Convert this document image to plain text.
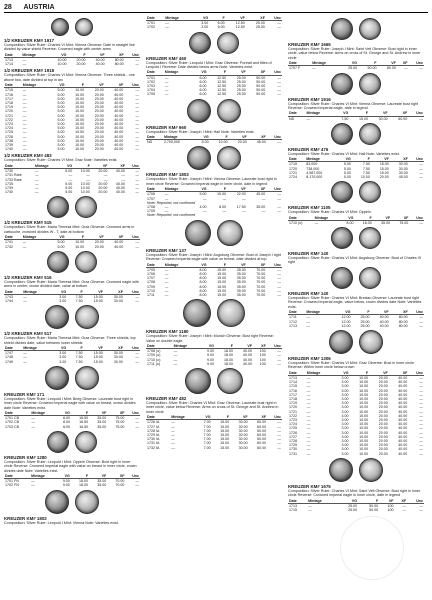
28 AUSTRIA
1/2 KREUZER KM# 1917
Composition: Silver Ruler: Charles VI Mint: Vienna Obverse: Date in straight line divided by value shield Reverse: Crowned eagle with center arms
Date	Mintage	VG	F	VF	XF	Unc
1713	—	10.00	20.00	40.00	80.00	—
1714	—	10.00	20.00	40.00	80.00	—
1/2 KREUZER KM# 1918
Composition: Silver Ruler: Charles VI Mint: Vienna Obverse: Three shields - one above two, date divided at top in arc
Date	Mintage	VG	F	VF	XF	Unc
1715	—	5.00	10.00	20.00	40.00	—
1716	—	5.00	10.00	20.00	40.00	—
1717	—	5.00	10.00	20.00	40.00	—
1718	—	5.00	10.00	20.00	40.00	—
1719	—	5.00	10.00	20.00	40.00	—
1720	—	5.00	10.00	20.00	40.00	—
1721	—	5.00	10.00	20.00	40.00	—
1722	—	5.00	10.00	20.00	40.00	—
1723	—	5.00	10.00	20.00	40.00	—
1724	—	5.00	10.00	20.00	40.00	—
1725	—	5.00	10.00	20.00	40.00	—
1726	—	5.00	10.00	20.00	40.00	—
1738	—	5.00	10.00	20.00	40.00	—
1739	—	5.00	10.00	20.00	40.00	—
1740	—	5.00	10.00	20.00	40.00	—
1/2 KREUZER KM# 483
Composition: Silver Ruler: Charles VI Mint: Graz Note: Varieties exist.
Date	Mintage	VG	F	VF	XF	Unc
1730	—	5.00	10.00	20.00	40.00	—
1731 Rare	—	—	—	—	—	—
1733 Rare	—	—	—	—	—	—
1735	—	5.00	10.00	20.00	40.00	—
1739	—	5.00	10.00	20.00	40.00	—
1740	—	5.00	10.00	20.00	40.00	—
1/2 KREUZER KM# 515
Composition: Silver Ruler: Maria Theresa Mint: Graz Obverse: Crowned arms in cartouche, crowned divides W - T, date at bottom
Date	Mintage	VG	F	VF	XF	Unc
1741	—	5.00	10.00	20.00	40.00	—
1742	—	5.00	10.00	20.00	40.00	—
1/2 KREUZER KM# 516
Composition: Silver Ruler: Maria Theresa Mint: Graz Obverse: Crowned eagle with arms in center, crown divided date, value at bottom
Date	Mintage	VG	F	VF	XF	Unc
1743	—	3.00	7.50	15.00	30.00	—
1744	—	3.00	7.50	15.00	30.00	—
1/2 KREUZER KM# 517
Composition: Silver Ruler: Maria Theresa Mint: Graz Obverse: Three shields, top shield divides date, value between lower shields
Date	Mintage	VG	F	VF	XF	Unc
1747	—	3.00	7.50	15.00	30.00	—
1748	—	3.00	7.50	15.00	30.00	—
1749	—	3.00	7.50	15.00	30.00	—
KREUZER KM# 171
Composition: Silver Ruler: Leopold I Mint: Brieg Obverse: Laureate bust right in inner circle Reverse: Crowned imperial eagle with value on breast, crown divides date Note: Varieties exist.
Date	Mintage	VG	F	VF	XF	Unc
1701 CB	—	8.00	16.50	35.00	75.00	—
1702 CB	—	8.00	16.50	35.00	75.00	—
1703 CB	—	8.00	16.50	35.00	75.00	—
KREUZER KM# 1280
Composition: Silver Ruler: Leopold I Mint: Oppeln Obverse: Bust right in inner circle Reverse: Crowned imperial eagle with value on breast in inner circle, crown divides date Note: Varieties exist.
Date	Mintage	VG	F	VF	XF	Unc
1701 FN	—	9.00	18.00	35.00	70.00	—
1702 FN	—	9.00	18.00	35.00	70.00	—
KREUZER KM# 1802
Composition: Silver Ruler: Leopold I Mint: Vienna Note: Varieties exist.
Date	Mintage	VG	F	VF	XF	Unc
1701	—	3.00	6.00	12.50	25.00	—
1702	—	3.00	6.00	12.50	25.00	—
KREUZER KM# 460
Composition: Silver Ruler: Leopold I Mint: Graz Obverse: Portrait and titles of Leopold I Reverse: Date divided below arms Note: Varieties exist.
Date	Mintage	VG	F	VF	XF	Unc
1701	—	6.00	12.50	25.00	50.00	—
1702	—	6.00	12.50	25.00	50.00	—
1703	—	6.00	12.50	25.00	50.00	—
1704	—	6.00	12.50	25.00	50.00	—
1705	—	6.00	12.50	25.00	50.00	—
KREUZER KM# 660
Composition: Silver Ruler: Joseph I Mint: Hall Note: Varieties exist.
Date	Mintage	VG	F	VF	XF	Unc
ND	2,700,000	5.00	10.00	20.00	45.00	—
KREUZER KM# 1803
Composition: Silver Ruler: Joseph I Mint: Vienna Obverse: Laureate bust right in inner circle Reverse: Crowned imperial eagle in inner circle, date in legend
Date	Mintage	VG	F	VF	XF	Unc
1706	—	5.00	10.00	22.00	45.00	—
1707	—	—	—	—	—	—
Note: Reported, not confirmed						
1708	—	4.00	8.00	17.50	35.00	—
1709	—	—	—	—	—	—
Note: Reported, not confirmed						
KREUZER KM# 137
Composition: Silver Ruler: Joseph I Mint: Augsburg Obverse: Bust of Joseph I right Reverse: Crowned imperial eagle with value on breast, date divided at top
Date	Mintage	VG	F	VF	XF	Unc
1705	—	8.00	15.00	35.00	70.00	—
1706	—	8.00	15.00	35.00	70.00	—
1707	—	8.00	15.00	35.00	70.00	—
1708	—	8.00	15.00	35.00	70.00	—
1709	—	8.00	15.00	35.00	70.00	—
1710	—	8.00	15.00	35.00	70.00	—
1711	—	8.00	15.00	35.00	70.00	—
KREUZER KM# 1180
Composition: Silver Ruler: Joseph I Mint: Munich Obverse: Bust right Reverse: Value on double eagle
Date	Mintage	VG	F	VF	XF	Unc
1708 (o)	—	9.00	18.00	40.00	100	—
1709 (o)	—	9.00	18.00	40.00	100	—
1710 (o)	—	9.00	18.00	40.00	100	—
1711 (o)	—	9.00	18.00	40.00	100	—
KREUZER KM# 482
Composition: Silver Ruler: Charles VI Mint: Graz Obverse: Laureate bust right in inner circle, value below Reverse: Arms on cross of St. George and St. Andrew in inner circle
Date	Mintage	VG	F	VF	XF	Unc
1726 IA	—	7.00	15.00	30.00	60.00	—
1727 IA	—	7.00	15.00	30.00	60.00	—
1728 IA	—	7.00	15.00	30.00	60.00	—
1729 IA	—	7.00	15.00	30.00	60.00	—
1730 IA	—	7.00	15.00	30.00	60.00	—
1731 IA	—	7.00	15.00	30.00	60.00	—
1732 IA	—	7.00	15.00	30.00	60.00	—
KREUZER KM# 1665
Composition: Silver Ruler: Joseph I Mint: Saint Veit Obverse: Bust right in inner circle, value below Reverse: Arms on cross of St. George and St. Andrew in inner circle
Date	Mintage	VG	F	VF	XF	Unc
1707 F	—	25.00	50.00	80.00	—	—
KREUZER KM# 1916
Composition: Silver Ruler: Charles VI Mint: Vienna Obverse: Laureate bust right Reverse: Crowned imperial eagle, date in legend
Date	Mintage	VG	F	VF	XF	Unc
ND	—	7.50	15.00	30.00	60.00	—
KREUZER KM# 476
Composition: Silver Ruler: Charles VI Mint: Hall Note: Varieties exist.
Date	Mintage	VG	F	VF	XF	Unc
1719	83,000	5.00	7.50	15.00	30.00	—
1720	738,000	5.00	7.50	15.00	30.00	—
1721	4,987,000	5.00	7.50	15.00	30.00	—
1724	8,170,000	5.00	10.00	20.00	45.00	—
KREUZER KM# 1105
Composition: Silver Ruler: Charles VI Mint: Oppeln
Date	Mintage	VG	F	VF	XF	Unc
1710 (o)	—	8.00	16.00	35.00	75.00	—
KREUZER KM# 140
Composition: Silver Ruler: Charles VI Mint: Augsburg Obverse: Bust of Charles VI right
KREUZER KM# 140
Composition: Silver Ruler: Charles VI Mint: Breslau Obverse: Laureate bust right Reverse: Crowned imperial eagle, value below, crown divides date Note: Varieties exist.
Date	Mintage	VG	F	VF	XF	Unc
1711	—	12.00	25.00	40.00	80.00	—
1712	—	12.00	25.00	40.00	80.00	—
1713	—	12.00	25.00	40.00	80.00	—
KREUZER KM# 1306
Composition: Silver Ruler: Charles VI Mint: Graz Obverse: Bust in inner circle Reverse: Within inner circle below crown
Date	Mintage	VG	F	VF	XF	Unc
1713	—	3.00	10.00	20.00	40.00	—
1714	—	3.00	10.00	20.00	40.00	—
1715	—	3.00	10.00	20.00	40.00	—
1716	—	3.00	10.00	20.00	40.00	—
1717	—	3.00	10.00	20.00	40.00	—
1718	—	3.00	10.00	20.00	40.00	—
1719	—	3.00	10.00	20.00	40.00	—
1720	—	3.00	10.00	20.00	40.00	—
1721	—	3.00	10.00	20.00	40.00	—
1722	—	3.00	10.00	20.00	40.00	—
1723	—	3.00	10.00	20.00	40.00	—
1724	—	3.00	10.00	20.00	40.00	—
1725	—	3.00	10.00	20.00	40.00	—
1726	—	3.00	10.00	20.00	40.00	—
1727	—	3.00	10.00	20.00	40.00	—
1728	—	3.00	10.00	20.00	40.00	—
1729	—	3.00	10.00	20.00	40.00	—
1730	—	3.00	10.00	20.00	40.00	—
1731	—	3.00	10.00	20.00	40.00	—
KREUZER KM# 1675
Composition: Silver Ruler: Charles VI Mint: Saint Veit Obverse: Bust right in inner circle Reverse: Crowned imperial eagle in inner circle, date in legend
Date	Mintage	VG	F	VF	XF	Unc
1713	—	25.00	50.00	100	—	—
1715	—	25.00	50.00	100	—	—
